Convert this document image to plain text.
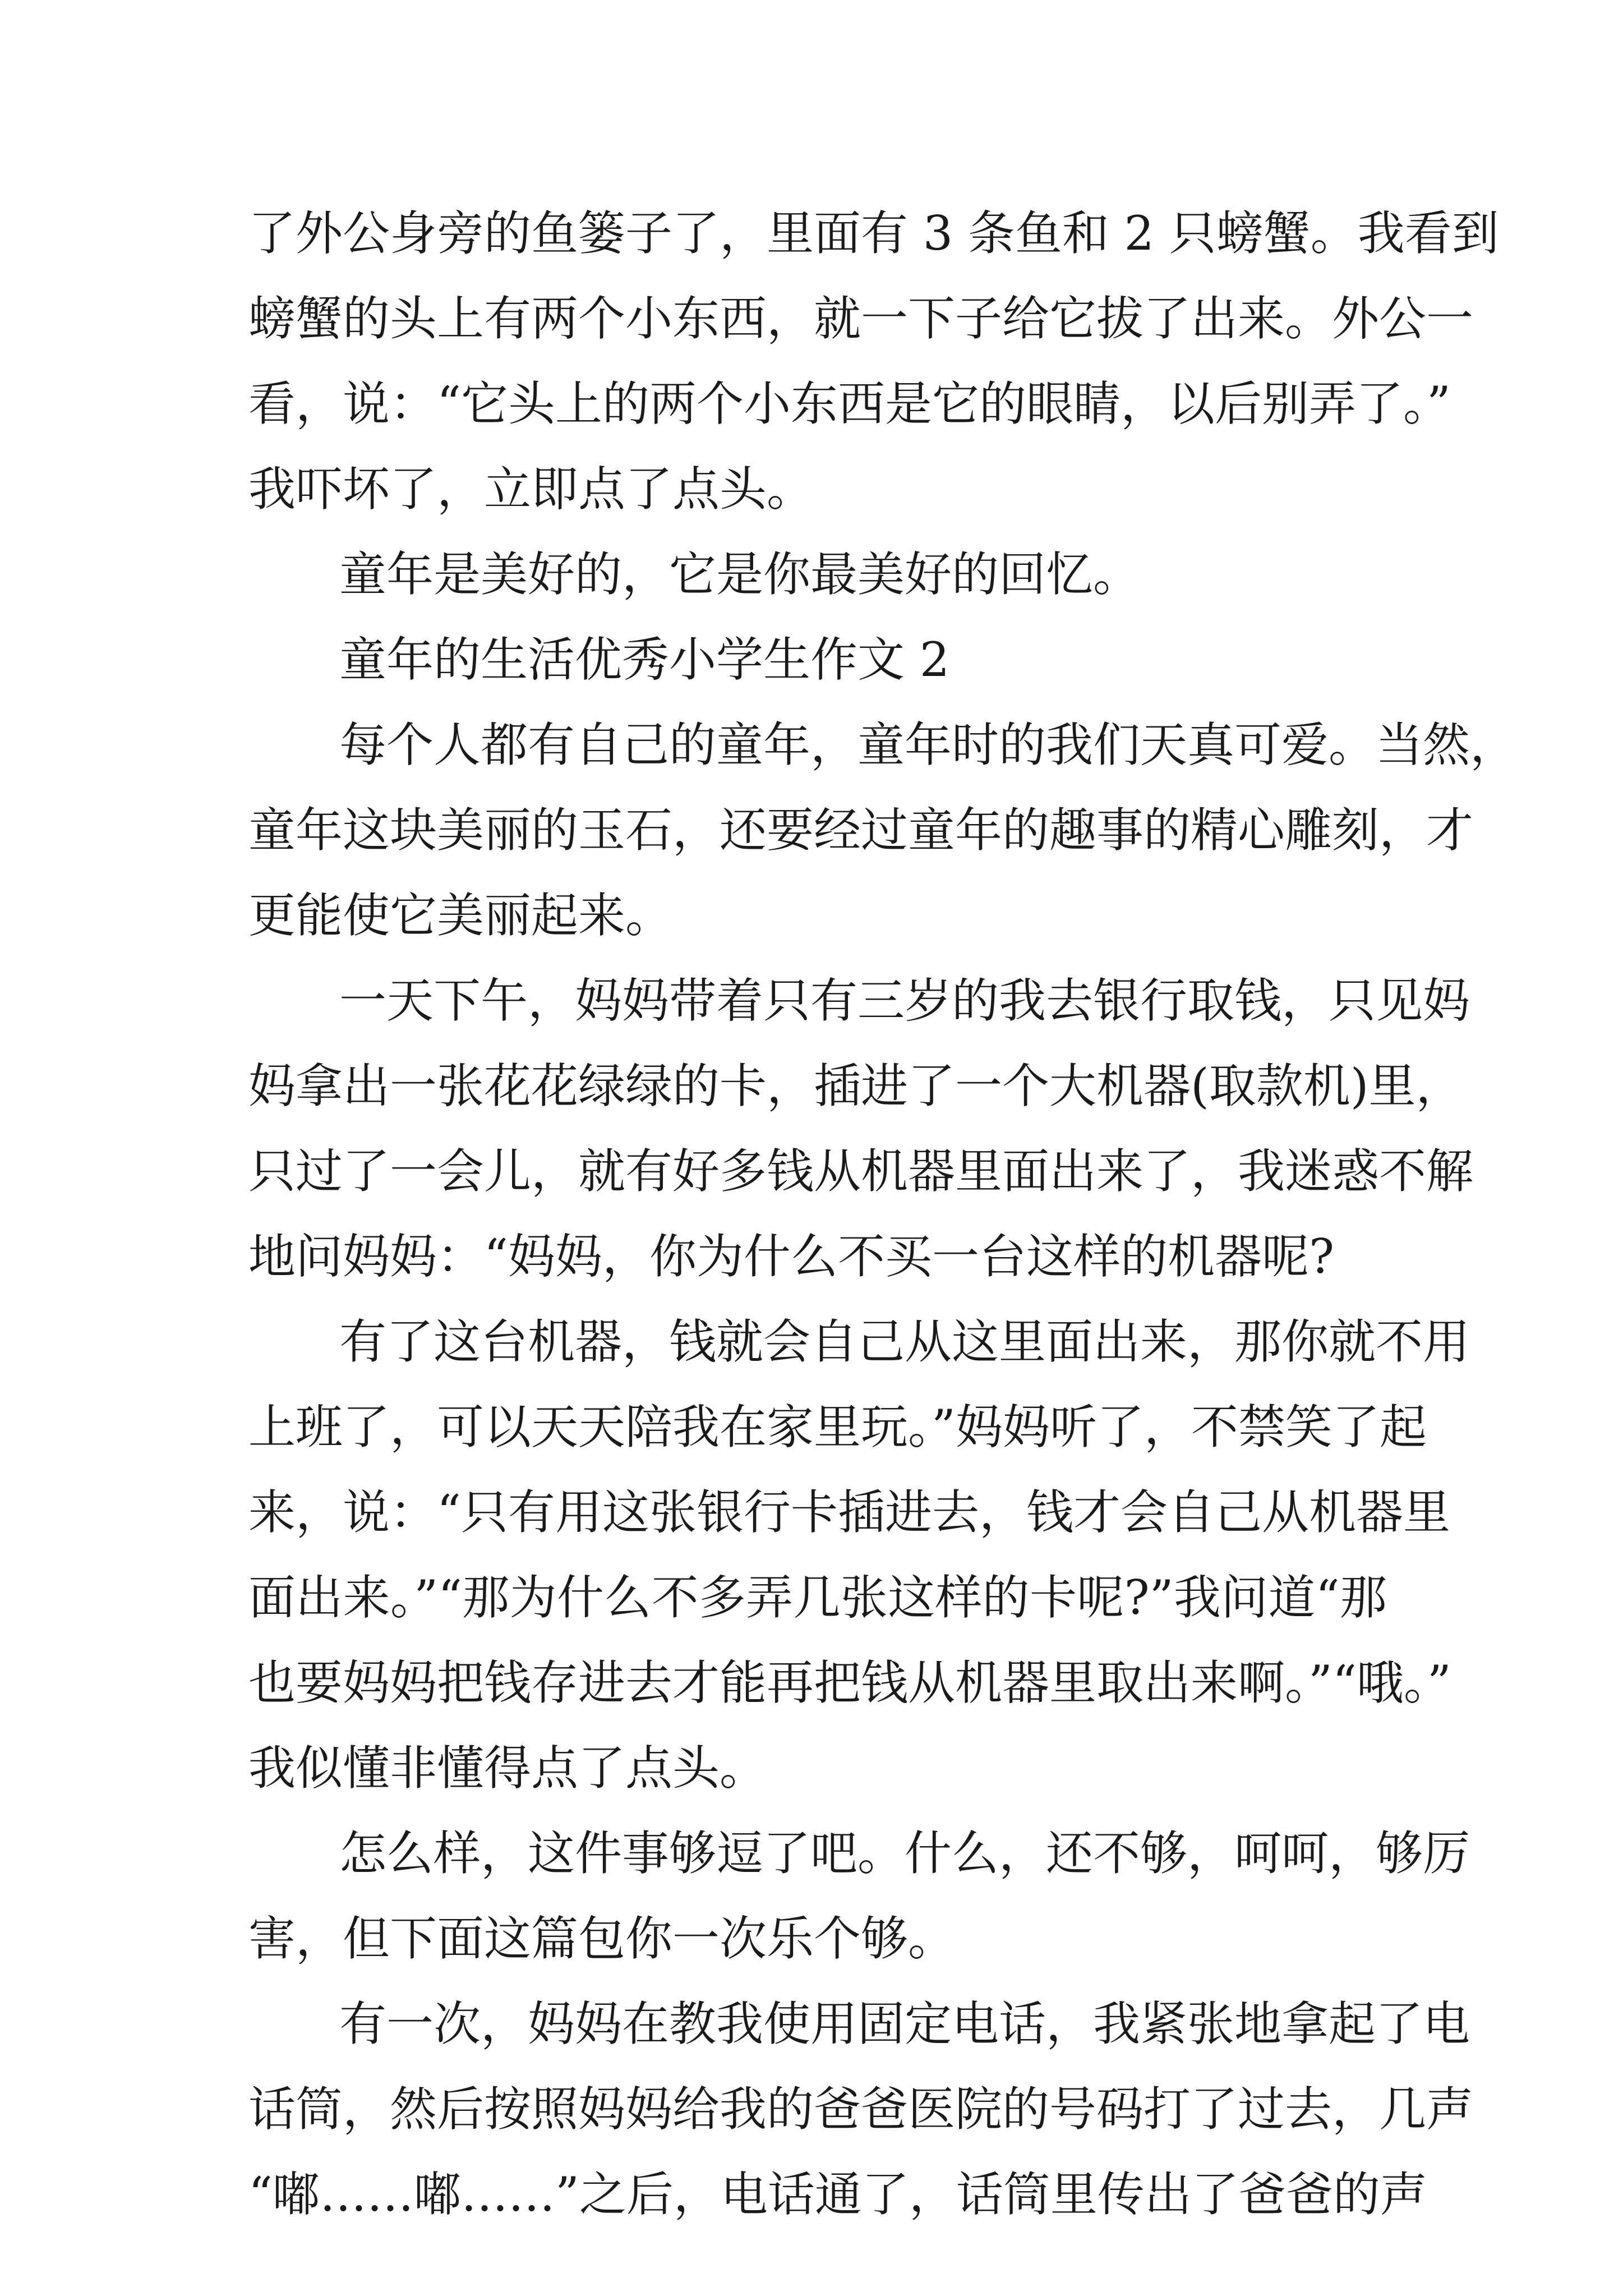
了外公身旁的鱼篓子了，里面有 3 条鱼和 2 只螃蟹。我看到
螃蟹的头上有两个小东西，就一下子给它拔了出来。外公一
看，说：“它头上的两个小东西是它的眼睛，以后别弄了。”
我吓坏了，立即点了点头。
童年是美好的，它是你最美好的回忆。
童年的生活优秀小学生作文 2
每个人都有自己的童年，童年时的我们天真可爱。当然，
童年这块美丽的玉石，还要经过童年的趣事的精心雕刻，才
更能使它美丽起来。
一天下午，妈妈带着只有三岁的我去银行取钱，只见妈
妈拿出一张花花绿绿的卡，插进了一个大机器(取款机)里，
只过了一会儿，就有好多钱从机器里面出来了，我迷惑不解
地问妈妈：“妈妈，你为什么不买一台这样的机器呢?
有了这台机器，钱就会自己从这里面出来，那你就不用
上班了，可以天天陪我在家里玩。”妈妈听了，不禁笑了起
来，说：“只有用这张银行卡插进去，钱才会自己从机器里
面出来。”“那为什么不多弄几张这样的卡呢?”我问道“那
也要妈妈把钱存进去才能再把钱从机器里取出来啊。”“哦。”
我似懂非懂得点了点头。
怎么样，这件事够逗了吧。什么，还不够，呵呵，够厉
害，但下面这篇包你一次乐个够。
有一次，妈妈在教我使用固定电话，我紧张地拿起了电
话筒，然后按照妈妈给我的爸爸医院的号码打了过去，几声
“嘟……嘟……”之后，电话通了，话筒里传出了爸爸的声
